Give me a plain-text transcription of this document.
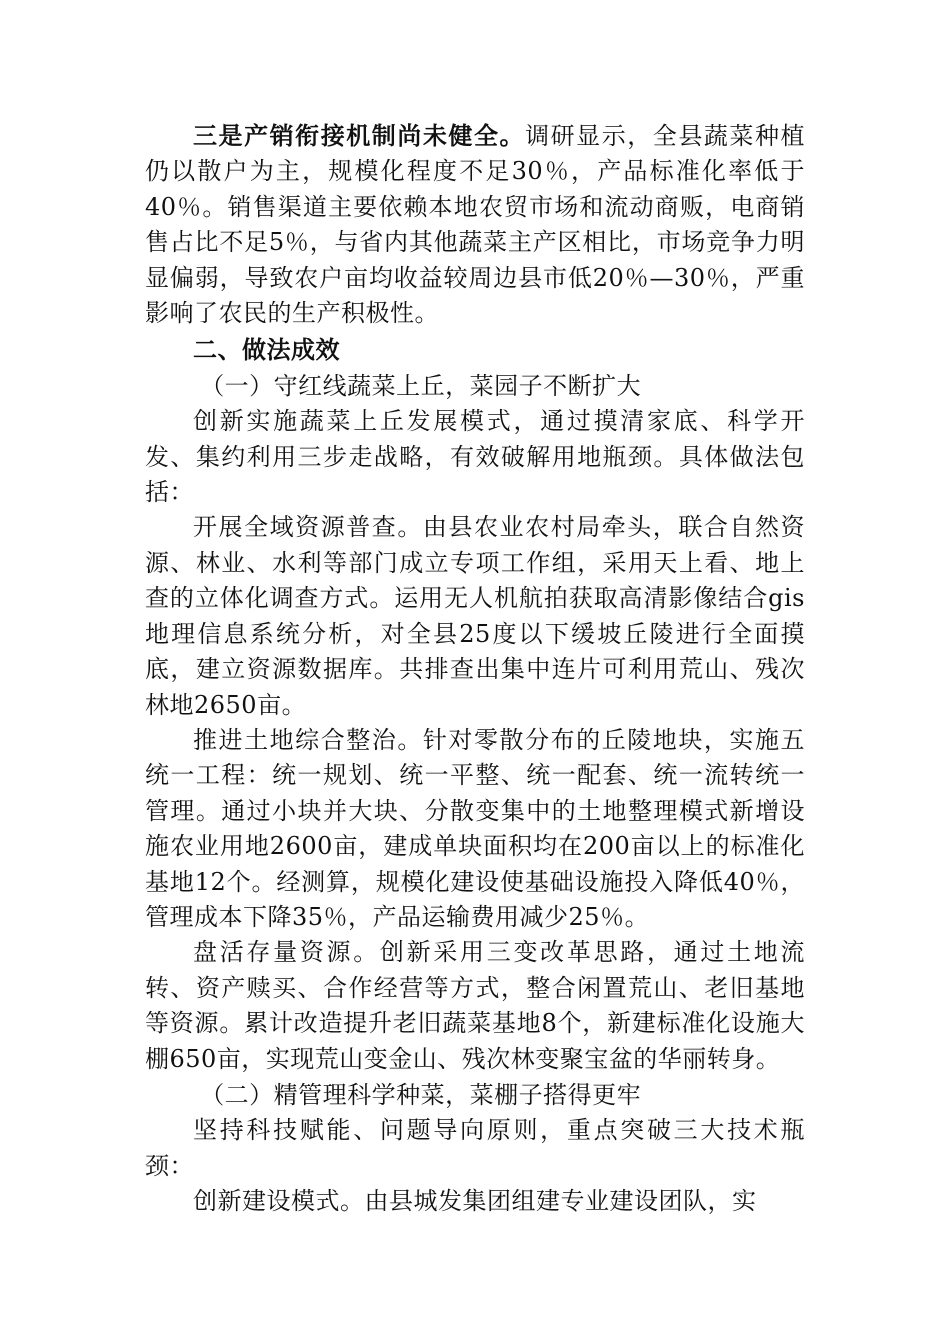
三是产销衔接机制尚未健全。调研显示，全县蔬菜种植仍以散户为主，规模化程度不足30％，产品标准化率低于40％。销售渠道主要依赖本地农贸市场和流动商贩，电商销售占比不足5％，与省内其他蔬菜主产区相比，市场竞争力明显偏弱，导致农户亩均收益较周边县市低20％—30％，严重影响了农民的生产积极性。

二、做法成效

（一）守红线蔬菜上丘，菜园子不断扩大

创新实施蔬菜上丘发展模式，通过摸清家底、科学开发、集约利用三步走战略，有效破解用地瓶颈。具体做法包括：

开展全域资源普查。由县农业农村局牵头，联合自然资源、林业、水利等部门成立专项工作组，采用天上看、地上查的立体化调查方式。运用无人机航拍获取高清影像结合gis地理信息系统分析，对全县25度以下缓坡丘陵进行全面摸底，建立资源数据库。共排查出集中连片可利用荒山、残次林地2650亩。

推进土地综合整治。针对零散分布的丘陵地块，实施五统一工程：统一规划、统一平整、统一配套、统一流转统一管理。通过小块并大块、分散变集中的土地整理模式新增设施农业用地2600亩，建成单块面积均在200亩以上的标准化基地12个。经测算，规模化建设使基础设施投入降低40％，管理成本下降35％，产品运输费用减少25％。

盘活存量资源。创新采用三变改革思路，通过土地流转、资产赎买、合作经营等方式，整合闲置荒山、老旧基地等资源。累计改造提升老旧蔬菜基地8个，新建标准化设施大棚650亩，实现荒山变金山、残次林变聚宝盆的华丽转身。

（二）精管理科学种菜，菜棚子搭得更牢

坚持科技赋能、问题导向原则，重点突破三大技术瓶颈：

创新建设模式。由县城发集团组建专业建设团队，实
